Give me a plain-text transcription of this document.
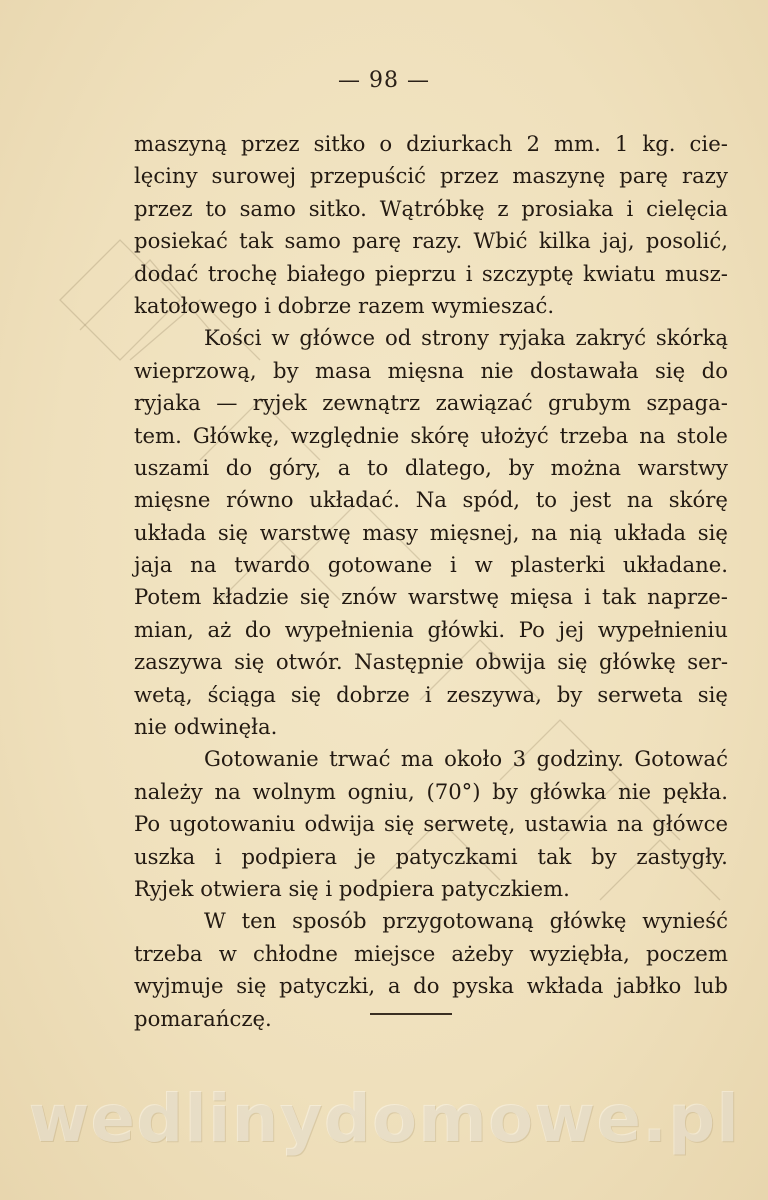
— 98 —
maszyną przez sitko o dziurkach 2 mm. 1 kg. cie-
lęciny surowej przepuścić przez maszynę parę razy
przez to samo sitko. Wątróbkę z prosiaka i cielęcia
posiekać tak samo parę razy. Wbić kilka jaj, posolić,
dodać trochę białego pieprzu i szczyptę kwiatu musz-
katołowego i dobrze razem wymieszać.
Kości w główce od strony ryjaka zakryć skórką
wieprzową, by masa mięsna nie dostawała się do
ryjaka — ryjek zewnątrz zawiązać grubym szpaga-
tem. Główkę, względnie skórę ułożyć trzeba na stole
uszami do góry, a to dlatego, by można warstwy
mięsne równo układać. Na spód, to jest na skórę
układa się warstwę masy mięsnej, na nią układa się
jaja na twardo gotowane i w plasterki układane.
Potem kładzie się znów warstwę mięsa i tak naprze-
mian, aż do wypełnienia główki. Po jej wypełnieniu
zaszywa się otwór. Następnie obwija się główkę ser-
wetą, ściąga się dobrze i zeszywa, by serweta się
nie odwinęła.
Gotowanie trwać ma około 3 godziny. Gotować
należy na wolnym ogniu, (70°) by główka nie pękła.
Po ugotowaniu odwija się serwetę, ustawia na główce
uszka i podpiera je patyczkami tak by zastygły.
Ryjek otwiera się i podpiera patyczkiem.
W ten sposób przygotowaną główkę wynieść
trzeba w chłodne miejsce ażeby wyziębła, poczem
wyjmuje się patyczki, a do pyska wkłada jabłko lub
pomarańczę.
wedlinydomowe.pl
